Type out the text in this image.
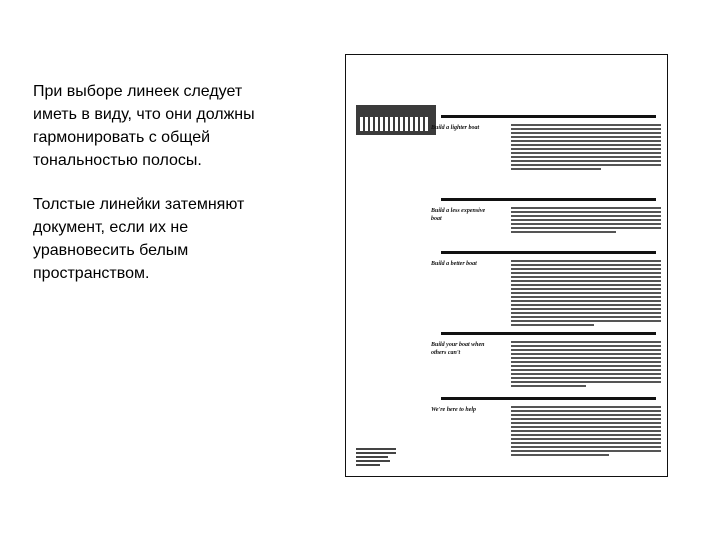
При выборе линеек следует
иметь в виду, что они должны
гармонировать с общей
тональностью полосы.

Толстые линейки затемняют
документ, если их не
уравновесить белым
пространством.

Build a lighter boat
Build a less expensive boat
Build a better boat
Build your boat when others can't
We're here to help
